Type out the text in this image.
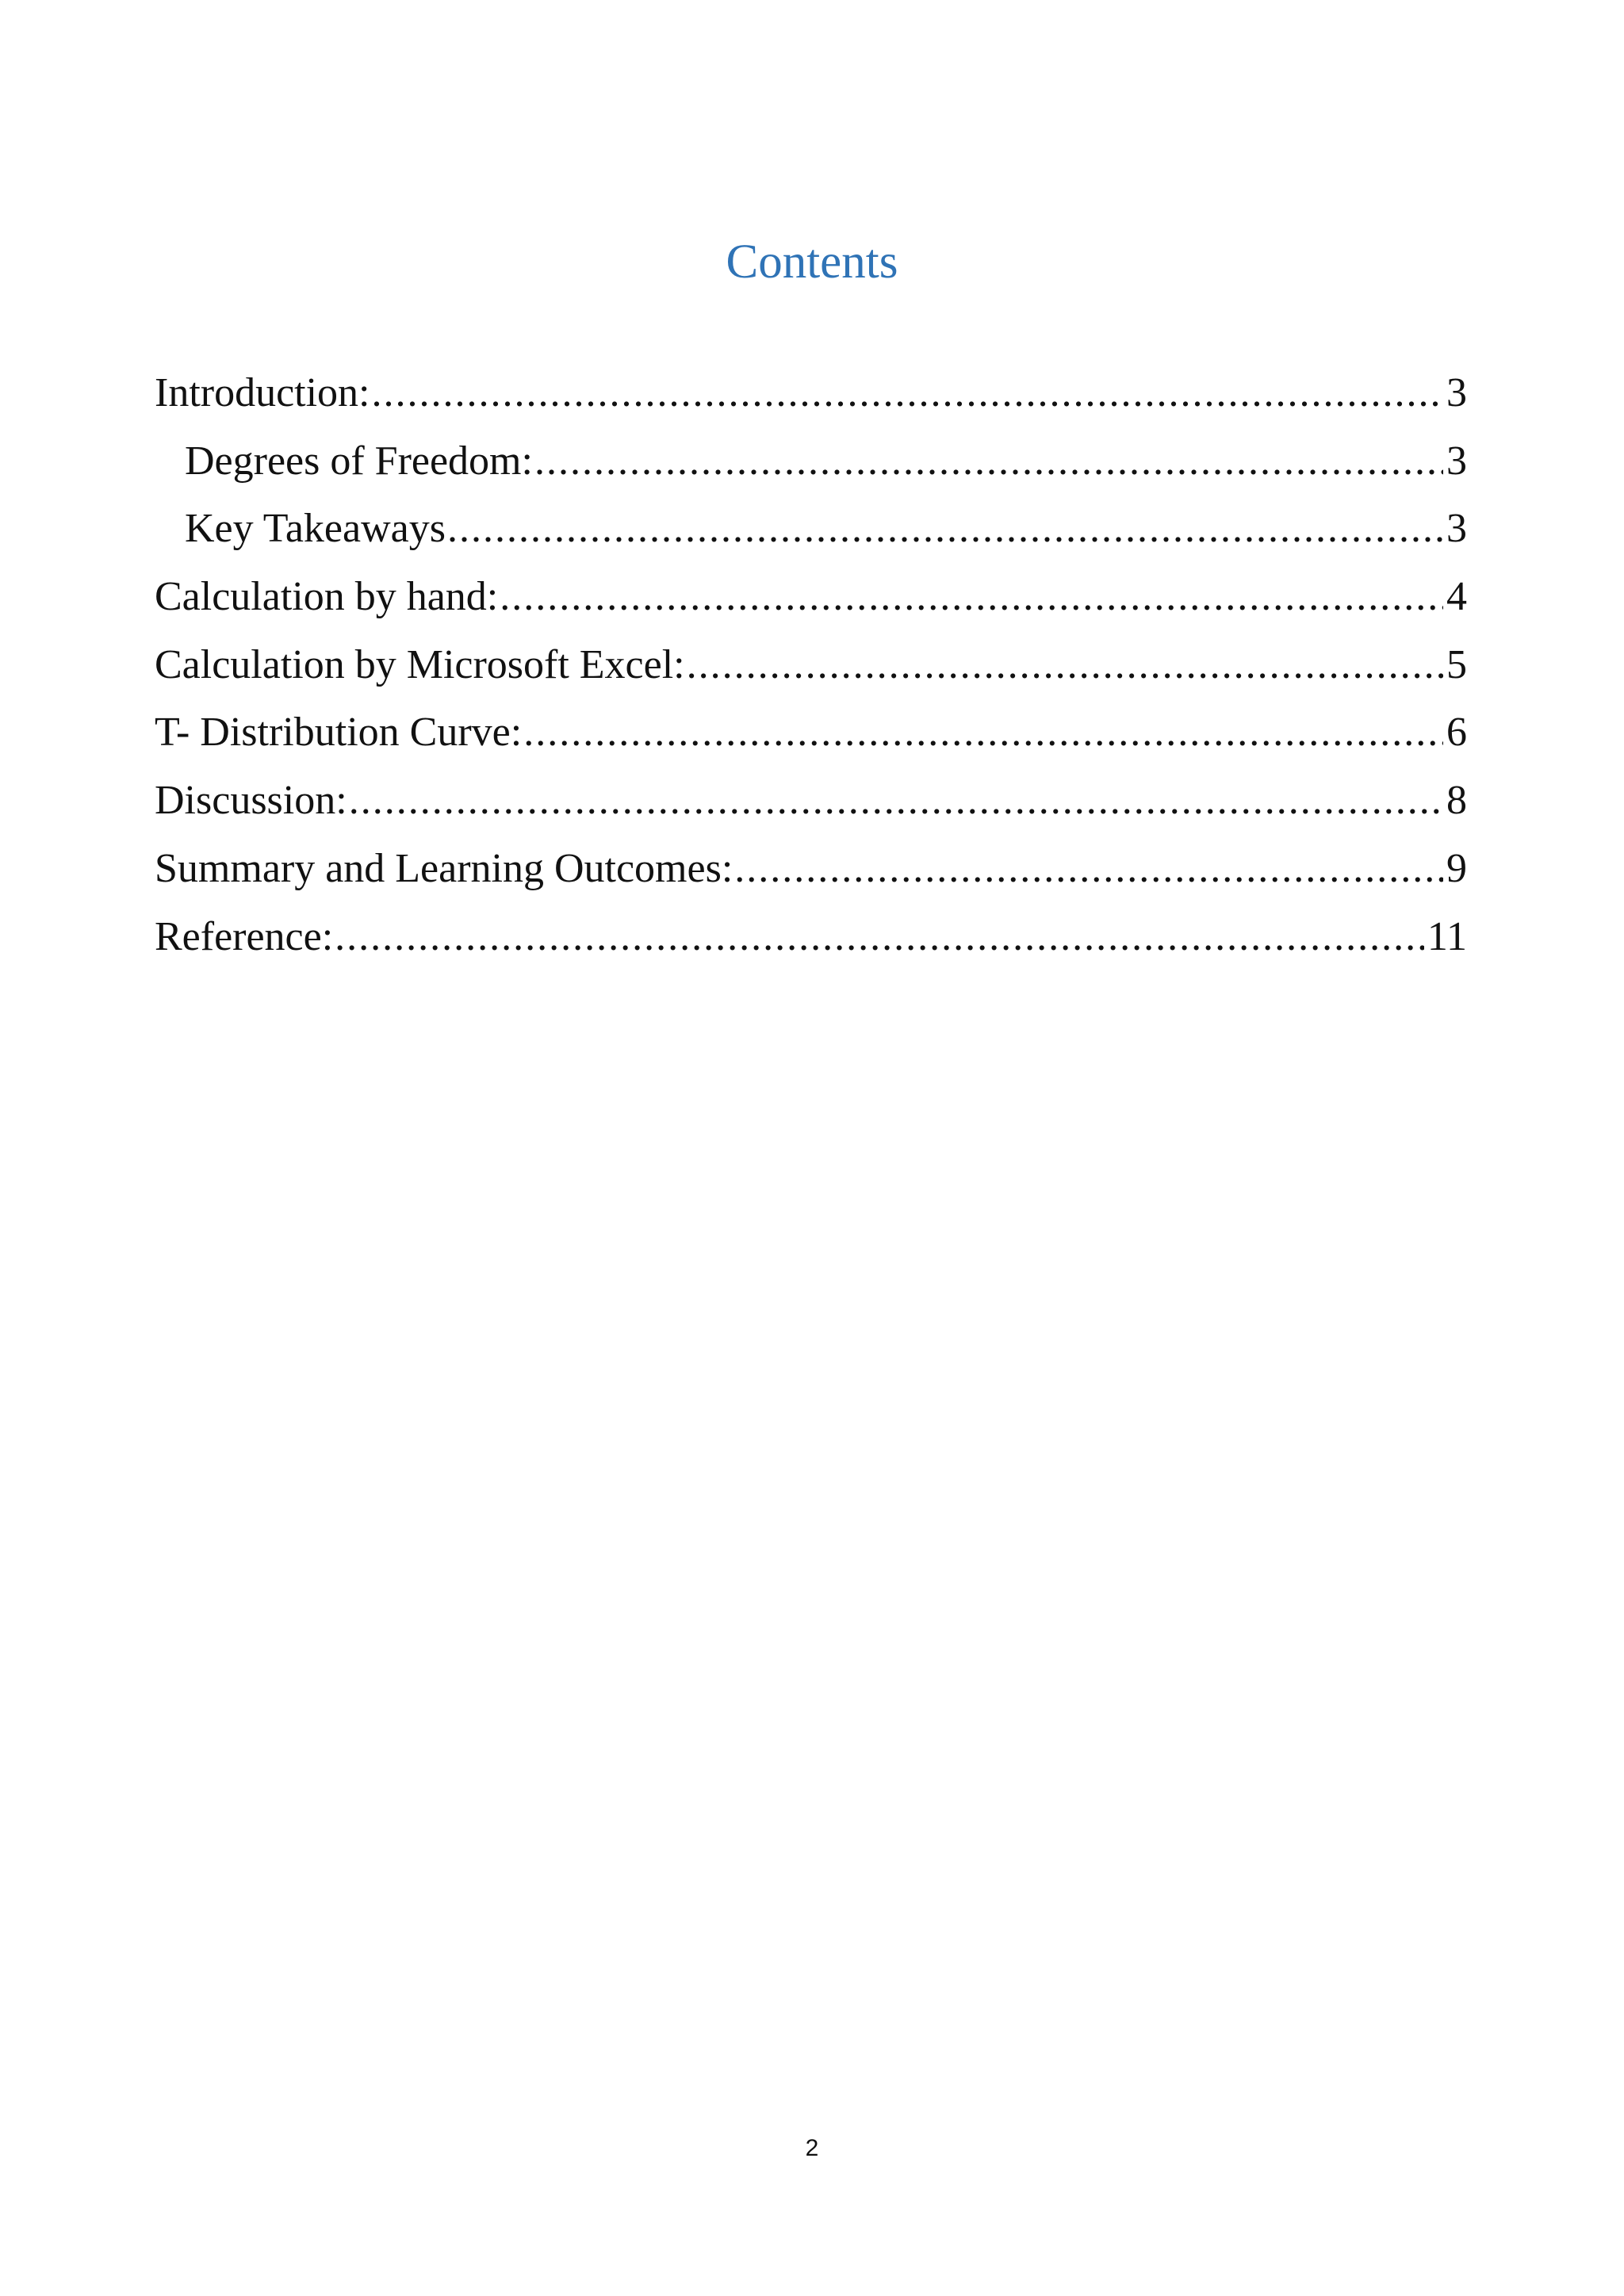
Contents
Introduction: .....	3
Degrees of Freedom: .....	3
Key Takeaways .....	3
Calculation by hand: .....	4
Calculation by Microsoft Excel: .....	5
T- Distribution Curve: .....	6
Discussion: .....	8
Summary and Learning Outcomes: .....	9
Reference: .....	11
2
